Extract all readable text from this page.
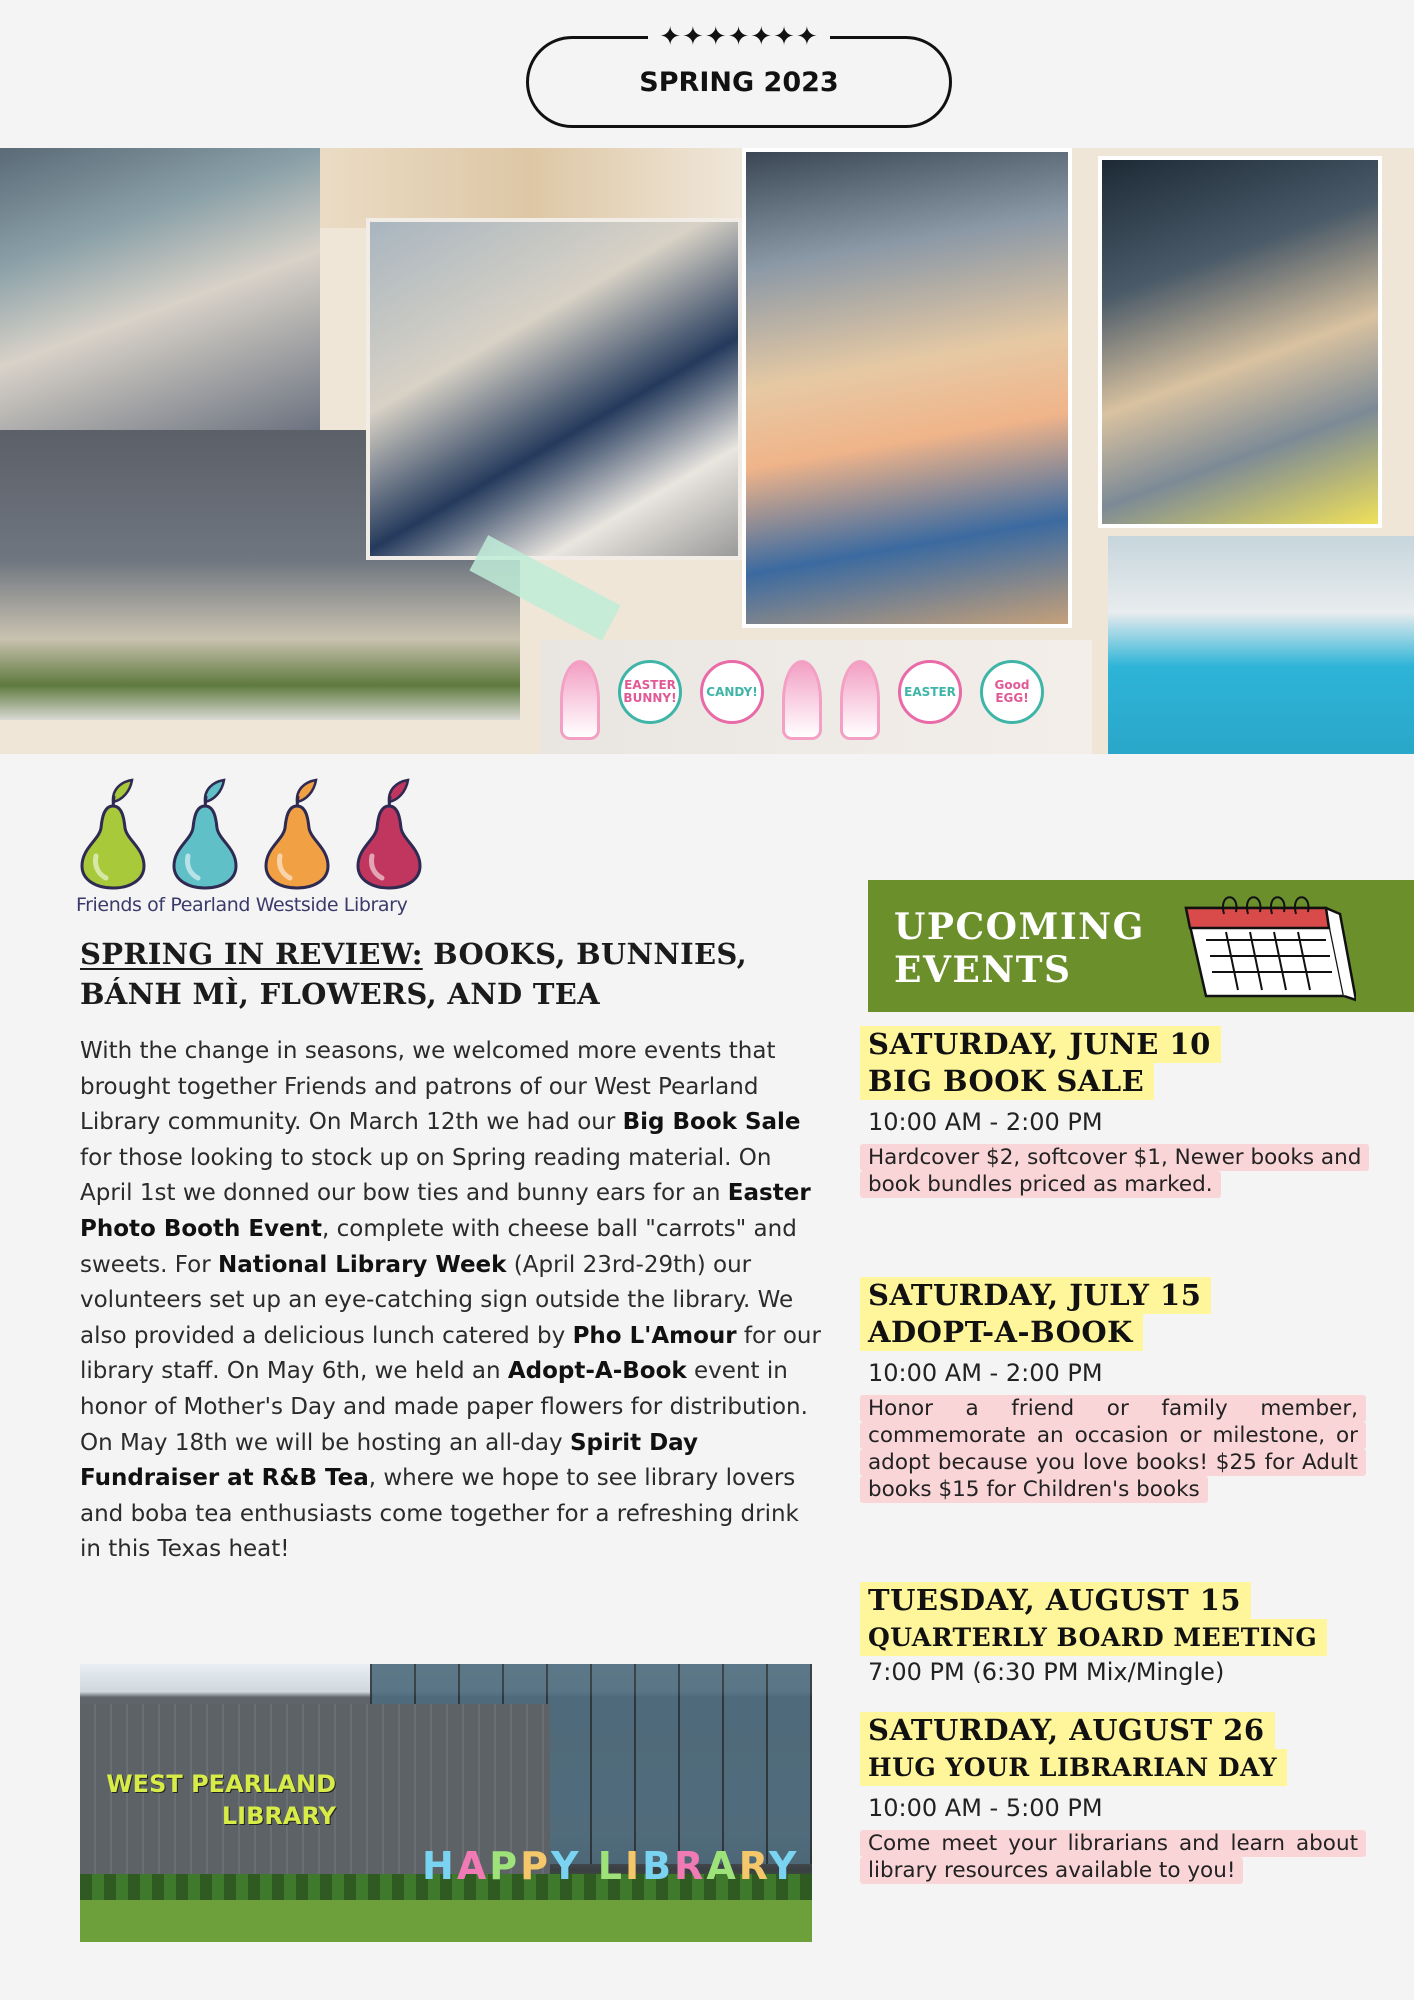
✦✦✦✦✦✦✦
SPRING 2023
EASTER BUNNY!	CANDY!	EASTER	Good EGG!
Friends of Pearland Westside Library
SPRING IN REVIEW: BOOKS, BUNNIES, BÁNH MÌ, FLOWERS, AND TEA
With the change in seasons, we welcomed more events that brought together Friends and patrons of our West Pearland Library community. On March 12th we had our Big Book Sale for those looking to stock up on Spring reading material. On April 1st we donned our bow ties and bunny ears for an Easter Photo Booth Event, complete with cheese ball "carrots" and sweets. For National Library Week (April 23rd-29th) our volunteers set up an eye-catching sign outside the library. We also provided a delicious lunch catered by Pho L'Amour for our library staff. On May 6th, we held an Adopt-A-Book event in honor of Mother's Day and made paper flowers for distribution. On May 18th we will be hosting an all-day Spirit Day Fundraiser at R&B Tea, where we hope to see library lovers and boba tea enthusiasts come together for a refreshing drink in this Texas heat!
WEST PEARLAND
LIBRARY
HAPPY LIBRARY
UPCOMING
EVENTS
SATURDAY, JUNE 10
BIG BOOK SALE
10:00 AM - 2:00 PM
Hardcover $2, softcover $1, Newer books and book bundles priced as marked.
SATURDAY, JULY 15
ADOPT-A-BOOK
10:00 AM - 2:00 PM
Honor a friend or family member, commemorate an occasion or milestone, or adopt because you love books! $25 for Adult books $15 for Children's books
TUESDAY, AUGUST 15
QUARTERLY BOARD MEETING
7:00 PM (6:30 PM Mix/Mingle)
SATURDAY, AUGUST 26
HUG YOUR LIBRARIAN DAY
10:00 AM - 5:00 PM
Come meet your librarians and learn about library resources available to you!
